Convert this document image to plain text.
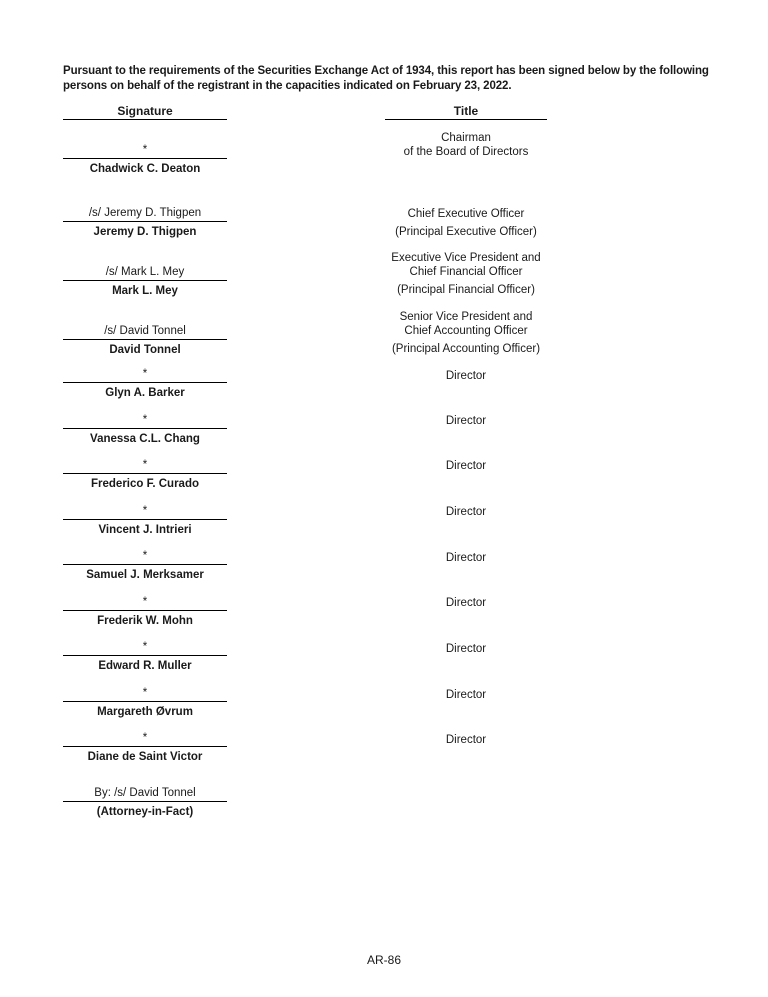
Pursuant to the requirements of the Securities Exchange Act of 1934, this report has been signed below by the following persons on behalf of the registrant in the capacities indicated on February 23, 2022.
Signature	Title
*
Chadwick C. Deaton
/s/ Jeremy D. Thigpen
Jeremy D. Thigpen
/s/ Mark L. Mey
Mark L. Mey
/s/ David Tonnel
David Tonnel
*
Glyn A. Barker
*
Vanessa C.L. Chang
*
Frederico F. Curado
*
Vincent J. Intrieri
*
Samuel J. Merksamer
*
Frederik W. Mohn
*
Edward R. Muller
*
Margareth Øvrum
*
Diane de Saint Victor
By: /s/ David Tonnel
(Attorney-in-Fact)
Chairman
of the Board of Directors
Chief Executive Officer
(Principal Executive Officer)
Executive Vice President and
Chief Financial Officer
(Principal Financial Officer)
Senior Vice President and
Chief Accounting Officer
(Principal Accounting Officer)
Director
Director
Director
Director
Director
Director
Director
Director
Director
AR-86
